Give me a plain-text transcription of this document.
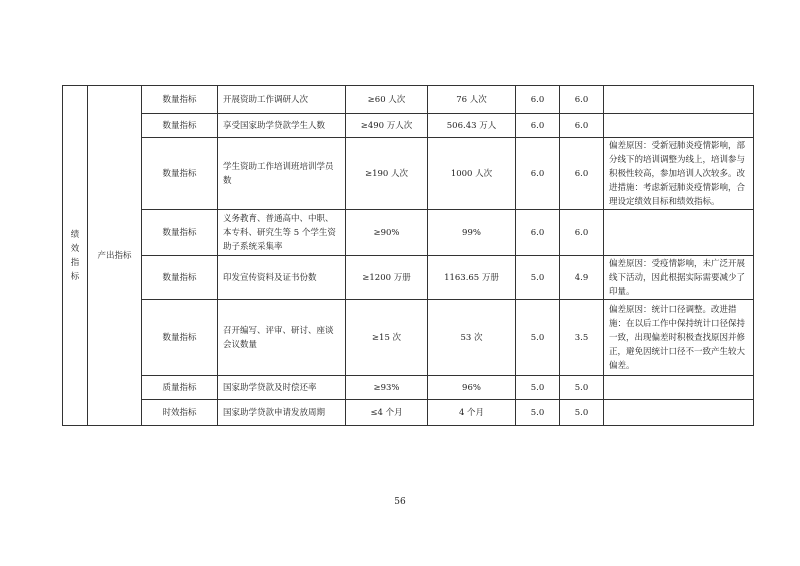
绩效指标	产出指标	数量指标	开展资助工作调研人次	≥60 人次	76 人次	6.0	6.0	
		数量指标	享受国家助学贷款学生人数	≥490 万人次	506.43 万人	6.0	6.0	
		数量指标	学生资助工作培训班培训学员数	≥190 人次	1000 人次	6.0	6.0	偏差原因：受新冠肺炎疫情影响，部分线下的培训调整为线上，培训参与积极性较高，参加培训人次较多。改进措施：考虑新冠肺炎疫情影响，合理设定绩效目标和绩效指标。
		数量指标	义务教育、普通高中、中职、本专科、研究生等 5 个学生资助子系统采集率	≥90%	99%	6.0	6.0	
		数量指标	印发宣传资料及证书份数	≥1200 万册	1163.65 万册	5.0	4.9	偏差原因：受疫情影响，未广泛开展线下活动，因此根据实际需要减少了印量。
		数量指标	召开编写、评审、研讨、座谈会议数量	≥15 次	53 次	5.0	3.5	偏差原因：统计口径调整。改进措施：在以后工作中保持统计口径保持一致，出现偏差时积极查找原因并修正，避免因统计口径不一致产生较大偏差。
		质量指标	国家助学贷款及时偿还率	≥93%	96%	5.0	5.0	
		时效指标	国家助学贷款申请发放周期	≤4 个月	4 个月	5.0	5.0	
56
